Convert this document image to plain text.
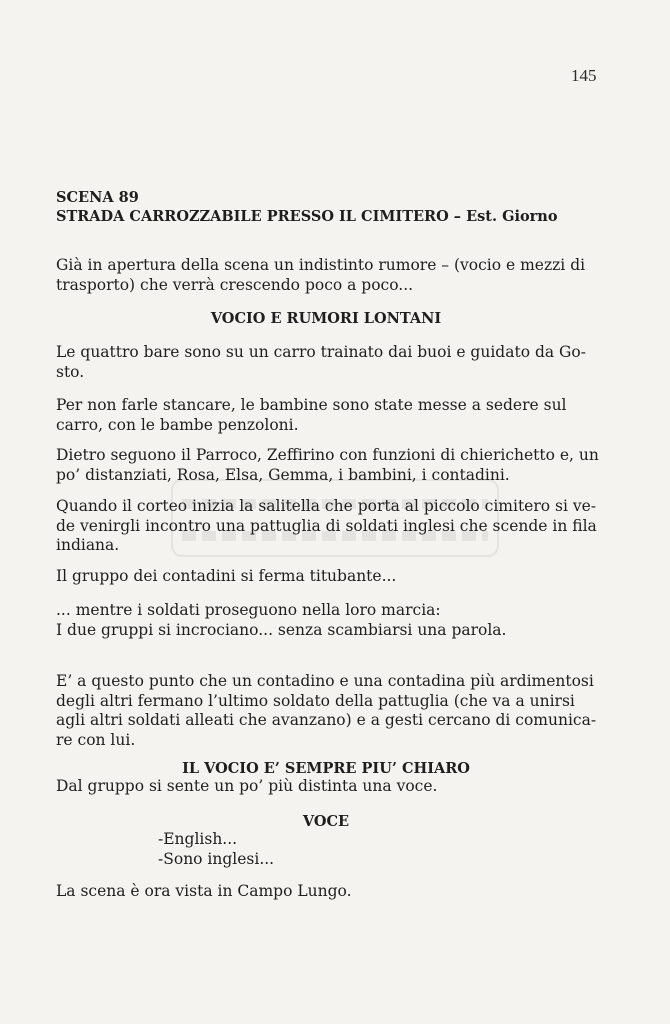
145
SCENA 89
STRADA CARROZZABILE PRESSO IL CIMITERO – Est. Giorno
Già in apertura della scena un indistinto rumore – (vocio e mezzi di
trasporto) che verrà crescendo poco a poco...
VOCIO E RUMORI LONTANI
Le quattro bare sono su un carro trainato dai buoi e guidato da Go-
sto.
Per non farle stancare, le bambine sono state messe a sedere sul
carro, con le bambe penzoloni.
Dietro seguono il Parroco, Zeffirino con funzioni di chierichetto e, un
po’ distanziati, Rosa, Elsa, Gemma, i bambini, i contadini.
Quando il corteo inizia la salitella che porta al piccolo cimitero si ve-
de venirgli incontro una pattuglia di soldati inglesi che scende in fila
indiana.
Il gruppo dei contadini si ferma titubante...
... mentre i soldati proseguono nella loro marcia:
I due gruppi si incrociano... senza scambiarsi una parola.
E’ a questo punto che un contadino e una contadina più ardimentosi
degli altri fermano l’ultimo soldato della pattuglia (che va a unirsi
agli altri soldati alleati che avanzano) e a gesti cercano di comunica-
re con lui.
IL VOCIO E’ SEMPRE PIU’ CHIARO
Dal gruppo si sente un po’ più distinta una voce.
VOCE
-English...
-Sono inglesi...
La scena è ora vista in Campo Lungo.
